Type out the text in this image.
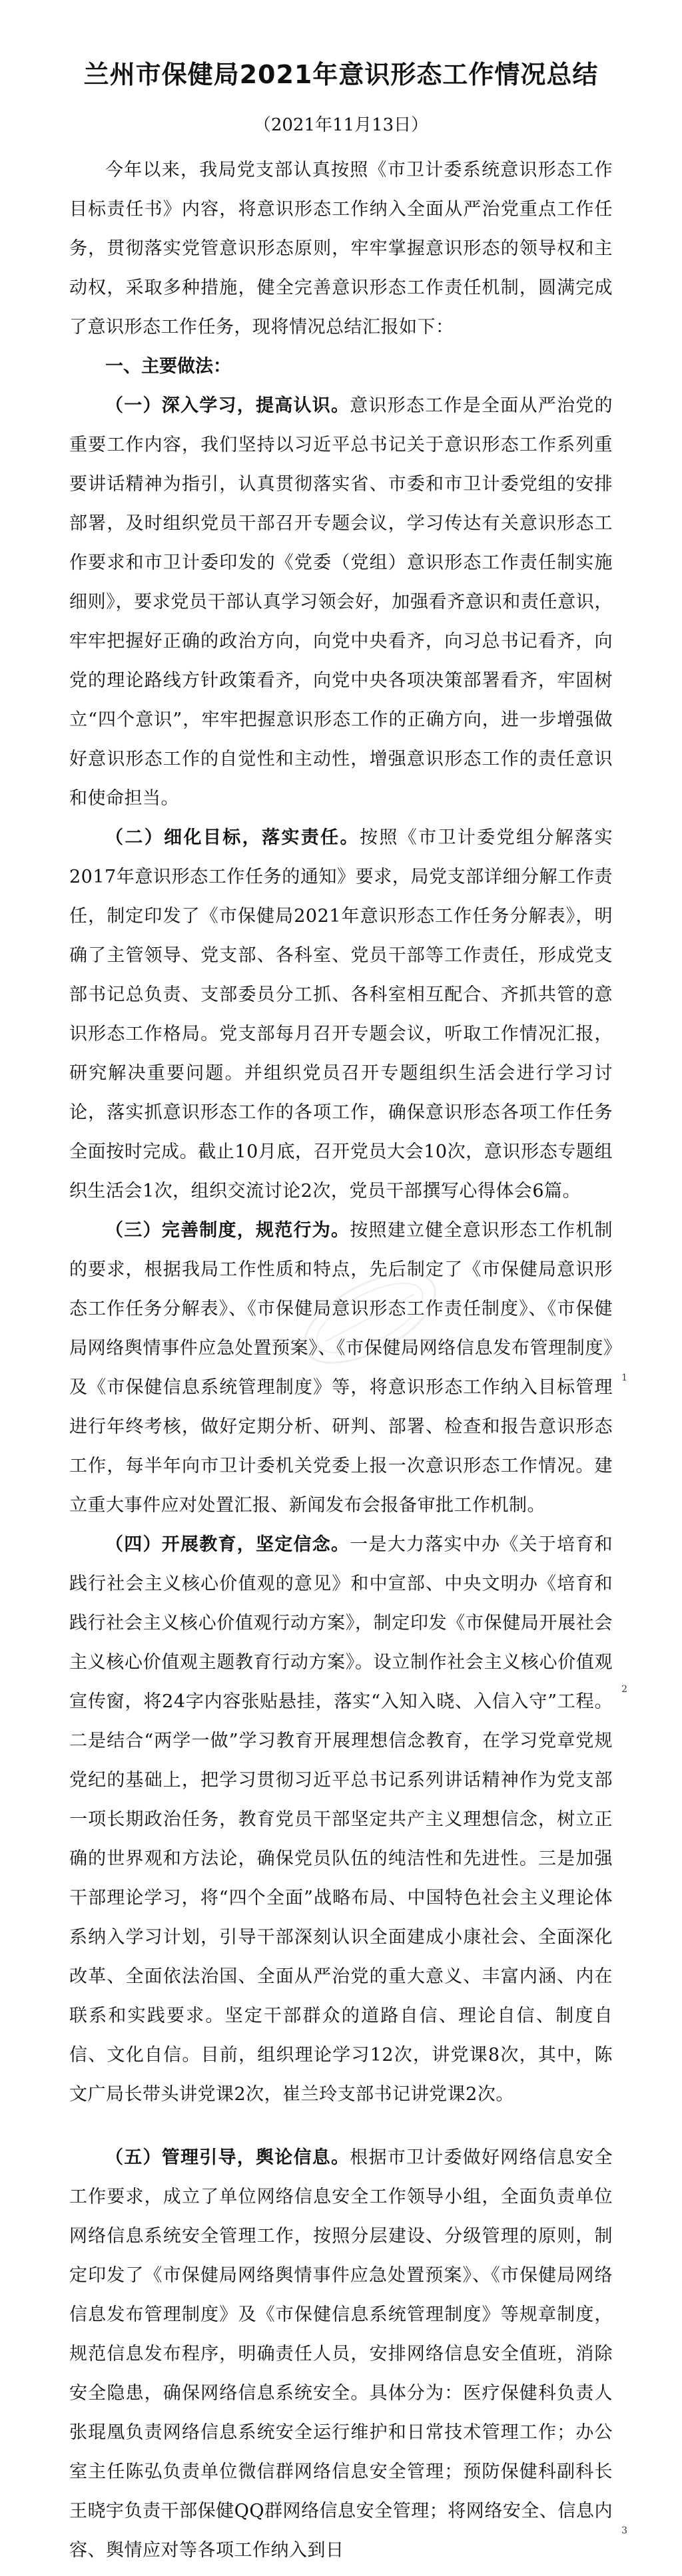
兰州市保健局2021年意识形态工作情况总结
（2021年11月13日）

今年以来，我局党支部认真按照《市卫计委系统意识形态工作目标责任书》内容，将意识形态工作纳入全面从严治党重点工作任务，贯彻落实党管意识形态原则，牢牢掌握意识形态的领导权和主动权，采取多种措施，健全完善意识形态工作责任机制，圆满完成了意识形态工作任务，现将情况总结汇报如下：

一、主要做法：

（一）深入学习，提高认识。意识形态工作是全面从严治党的重要工作内容，我们坚持以习近平总书记关于意识形态工作系列重要讲话精神为指引，认真贯彻落实省、市委和市卫计委党组的安排部署，及时组织党员干部召开专题会议，学习传达有关意识形态工作要求和市卫计委印发的《党委（党组）意识形态工作责任制实施细则》，要求党员干部认真学习领会好，加强看齐意识和责任意识，牢牢把握好正确的政治方向，向党中央看齐，向习总书记看齐，向党的理论路线方针政策看齐，向党中央各项决策部署看齐，牢固树立“四个意识”，牢牢把握意识形态工作的正确方向，进一步增强做好意识形态工作的自觉性和主动性，增强意识形态工作的责任意识和使命担当。

（二）细化目标，落实责任。按照《市卫计委党组分解落实2017年意识形态工作任务的通知》要求，局党支部详细分解工作责任，制定印发了《市保健局2021年意识形态工作任务分解表》，明确了主管领导、党支部、各科室、党员干部等工作责任，形成党支部书记总负责、支部委员分工抓、各科室相互配合、齐抓共管的意识形态工作格局。党支部每月召开专题会议，听取工作情况汇报，研究解决重要问题。并组织党员召开专题组织生活会进行学习讨论，落实抓意识形态工作的各项工作，确保意识形态各项工作任务全面按时完成。截止10月底，召开党员大会10次，意识形态专题组织生活会1次，组织交流讨论2次，党员干部撰写心得体会6篇。

（三）完善制度，规范行为。按照建立健全意识形态工作机制的要求，根据我局工作性质和特点，先后制定了《市保健局意识形态工作任务分解表》、《市保健局意识形态工作责任制度》、《市保健局网络舆情事件应急处置预案》、《市保健局网络信息发布管理制度》及《市保健信息系统管理制度》等，将意识形态工作纳入目标管理进行年终考核，做好定期分析、研判、部署、检查和报告意识形态工作，每半年向市卫计委机关党委上报一次意识形态工作情况。建立重大事件应对处置汇报、新闻发布会报备审批工作机制。

（四）开展教育，坚定信念。一是大力落实中办《关于培育和践行社会主义核心价值观的意见》和中宣部、中央文明办《培育和践行社会主义核心价值观行动方案》，制定印发《市保健局开展社会主义核心价值观主题教育行动方案》。设立制作社会主义核心价值观宣传窗，将24字内容张贴悬挂，落实“入知入晓、入信入守”工程。二是结合“两学一做”学习教育开展理想信念教育，在学习党章党规党纪的基础上，把学习贯彻习近平总书记系列讲话精神作为党支部一项长期政治任务，教育党员干部坚定共产主义理想信念，树立正确的世界观和方法论，确保党员队伍的纯洁性和先进性。三是加强干部理论学习，将“四个全面”战略布局、中国特色社会主义理论体系纳入学习计划，引导干部深刻认识全面建成小康社会、全面深化改革、全面依法治国、全面从严治党的重大意义、丰富内涵、内在联系和实践要求。坚定干部群众的道路自信、理论自信、制度自信、文化自信。目前，组织理论学习12次，讲党课8次，其中，陈文广局长带头讲党课2次，崔兰玲支部书记讲党课2次。

（五）管理引导，舆论信息。根据市卫计委做好网络信息安全工作要求，成立了单位网络信息安全工作领导小组，全面负责单位网络信息系统安全管理工作，按照分层建设、分级管理的原则，制定印发了《市保健局网络舆情事件应急处置预案》、《市保健局网络信息发布管理制度》及《市保健信息系统管理制度》等规章制度，规范信息发布程序，明确责任人员，安排网络信息安全值班，消除安全隐患，确保网络信息系统安全。具体分为：医疗保健科负责人张琨凰负责网络信息系统安全运行维护和日常技术管理工作；办公室主任陈弘负责单位微信群网络信息安全管理；预防保健科副科长王晓宇负责干部保健QQ群网络信息安全管理；将网络安全、信息内容、舆情应对等各项工作纳入到日

1
2
3
